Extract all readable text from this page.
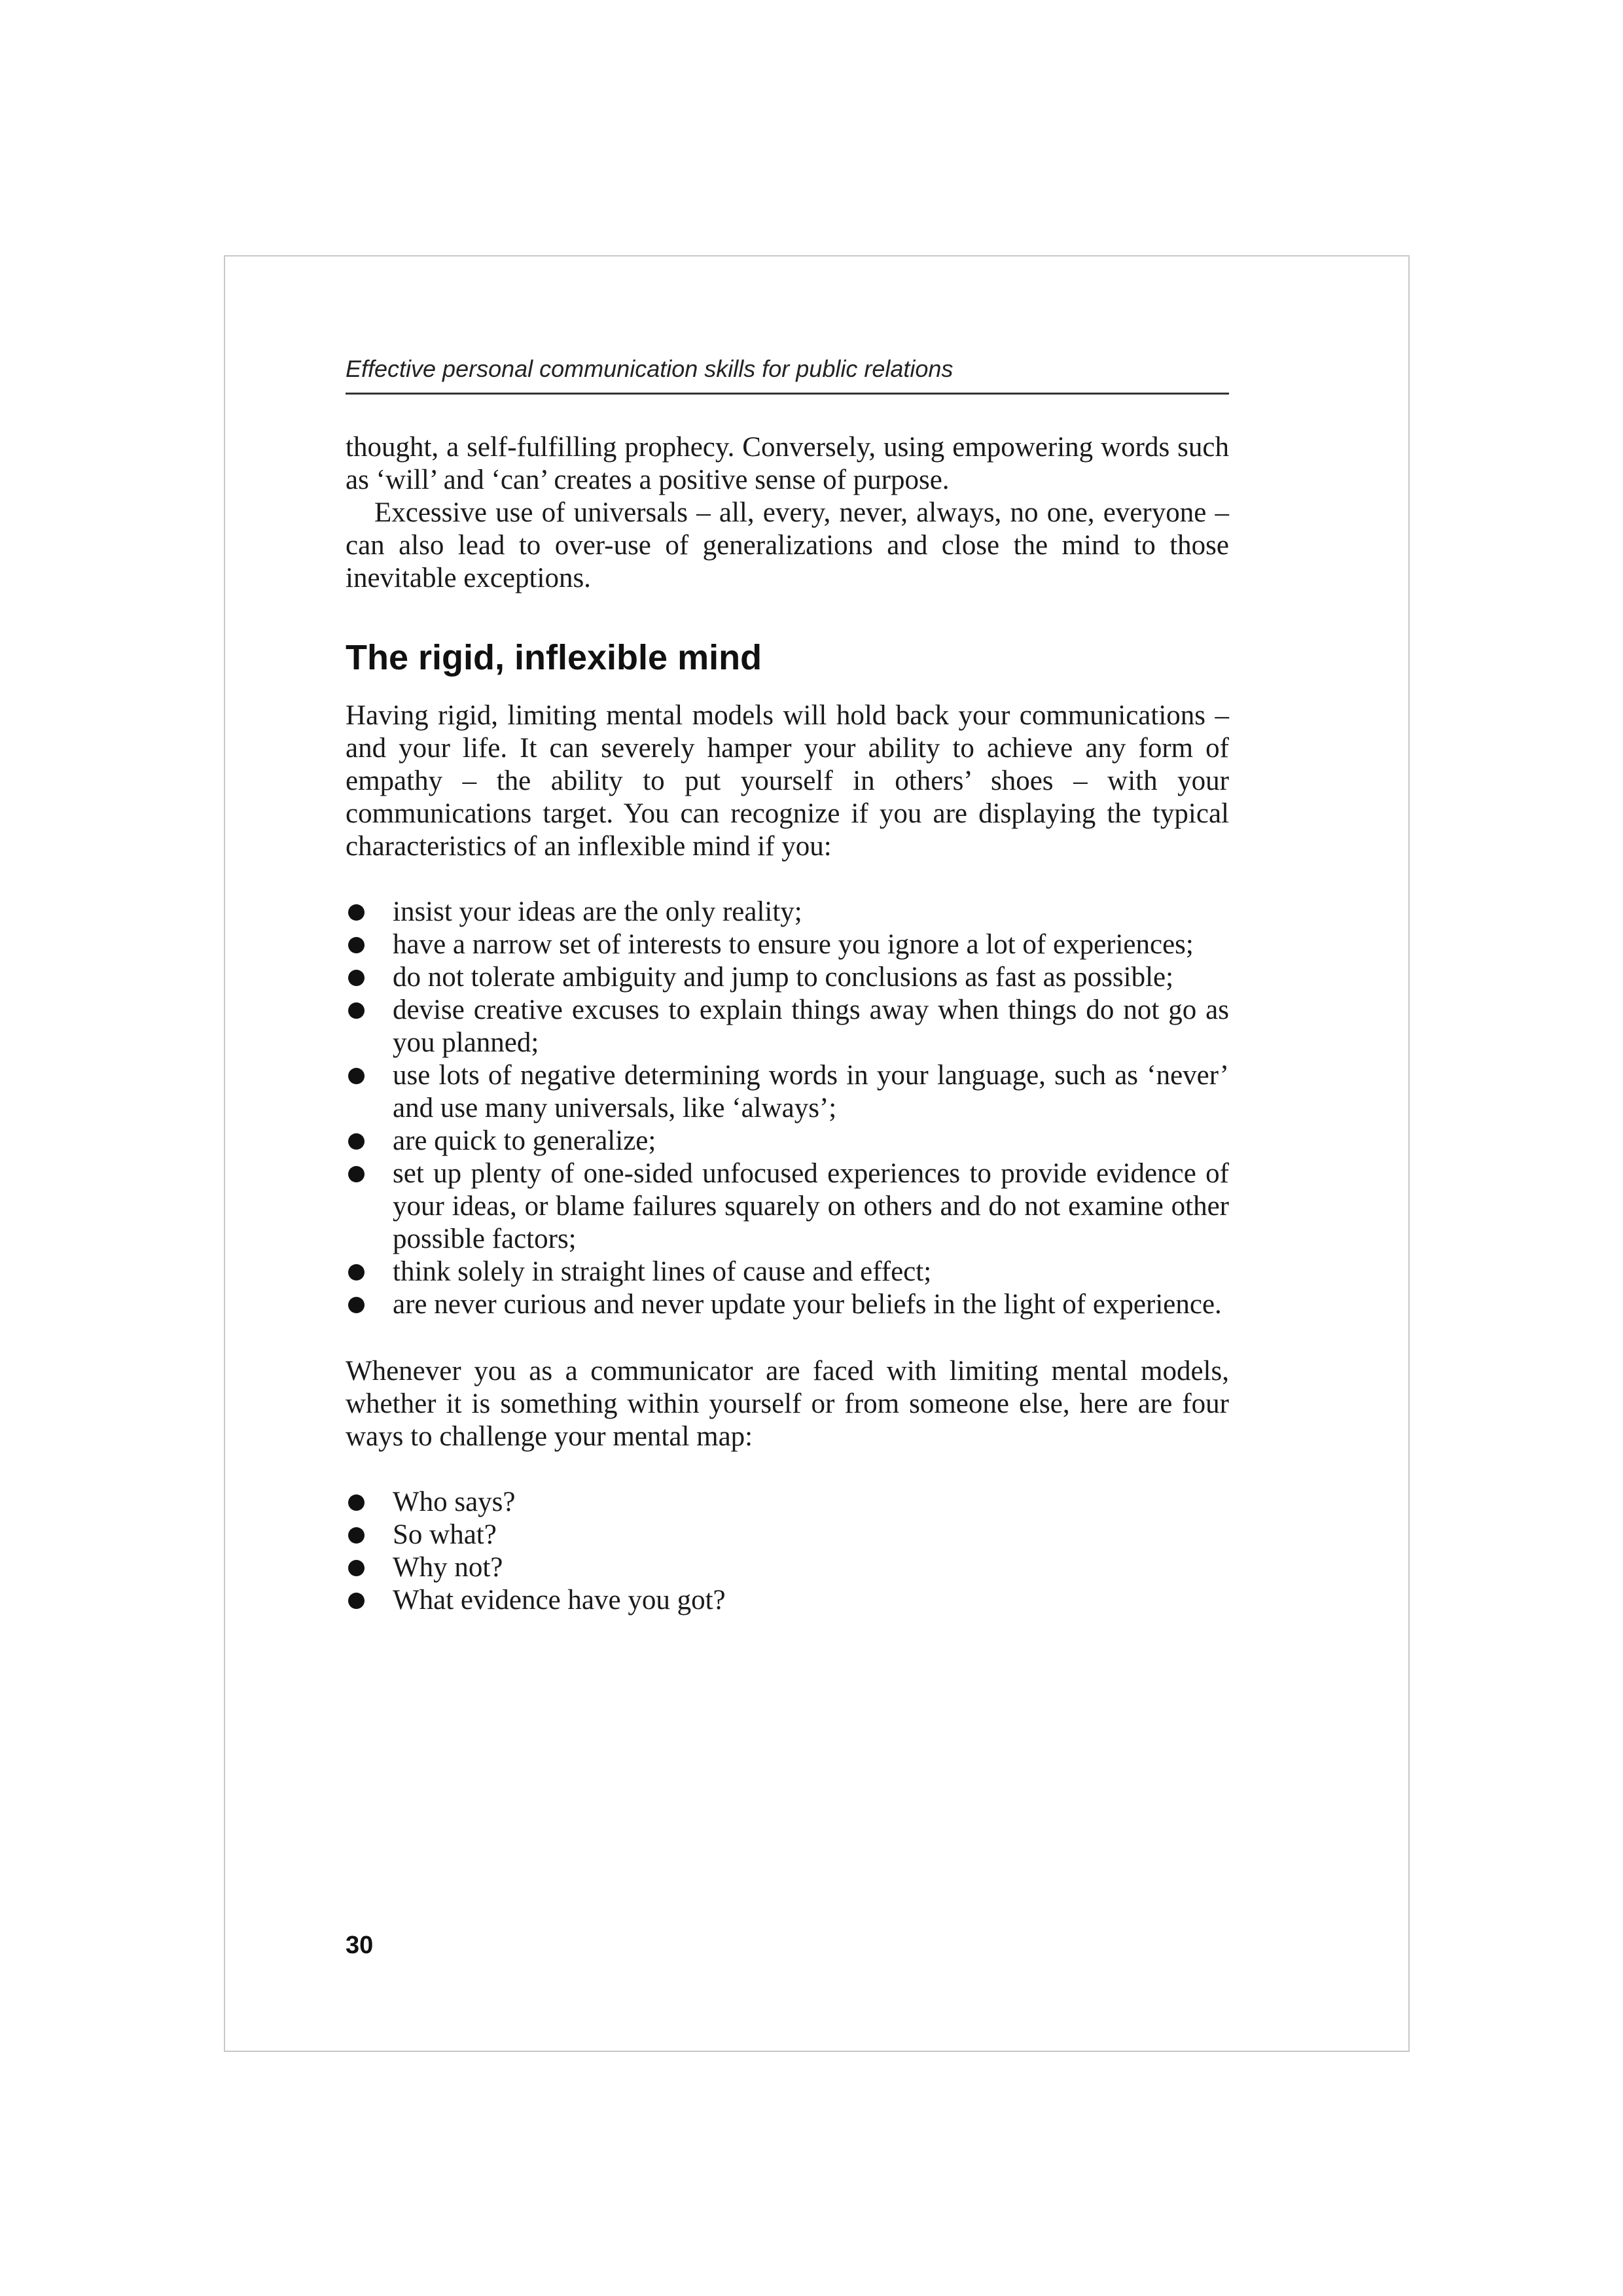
Effective personal communication skills for public relations

thought, a self-fulfilling prophecy. Conversely, using empowering words such as ‘will’ and ‘can’ creates a positive sense of purpose.

Excessive use of universals – all, every, never, always, no one, everyone – can also lead to over-use of generalizations and close the mind to those inevitable exceptions.

The rigid, inflexible mind

Having rigid, limiting mental models will hold back your communications – and your life. It can severely hamper your ability to achieve any form of empathy – the ability to put yourself in others’ shoes – with your communications target. You can recognize if you are displaying the typical characteristics of an inflexible mind if you:

insist your ideas are the only reality;
have a narrow set of interests to ensure you ignore a lot of experiences;
do not tolerate ambiguity and jump to conclusions as fast as possible;
devise creative excuses to explain things away when things do not go as you planned;
use lots of negative determining words in your language, such as ‘never’ and use many universals, like ‘always’;
are quick to generalize;
set up plenty of one-sided unfocused experiences to provide evidence of your ideas, or blame failures squarely on others and do not examine other possible factors;
think solely in straight lines of cause and effect;
are never curious and never update your beliefs in the light of experience.

Whenever you as a communicator are faced with limiting mental models, whether it is something within yourself or from someone else, here are four ways to challenge your mental map:

Who says?
So what?
Why not?
What evidence have you got?
30
